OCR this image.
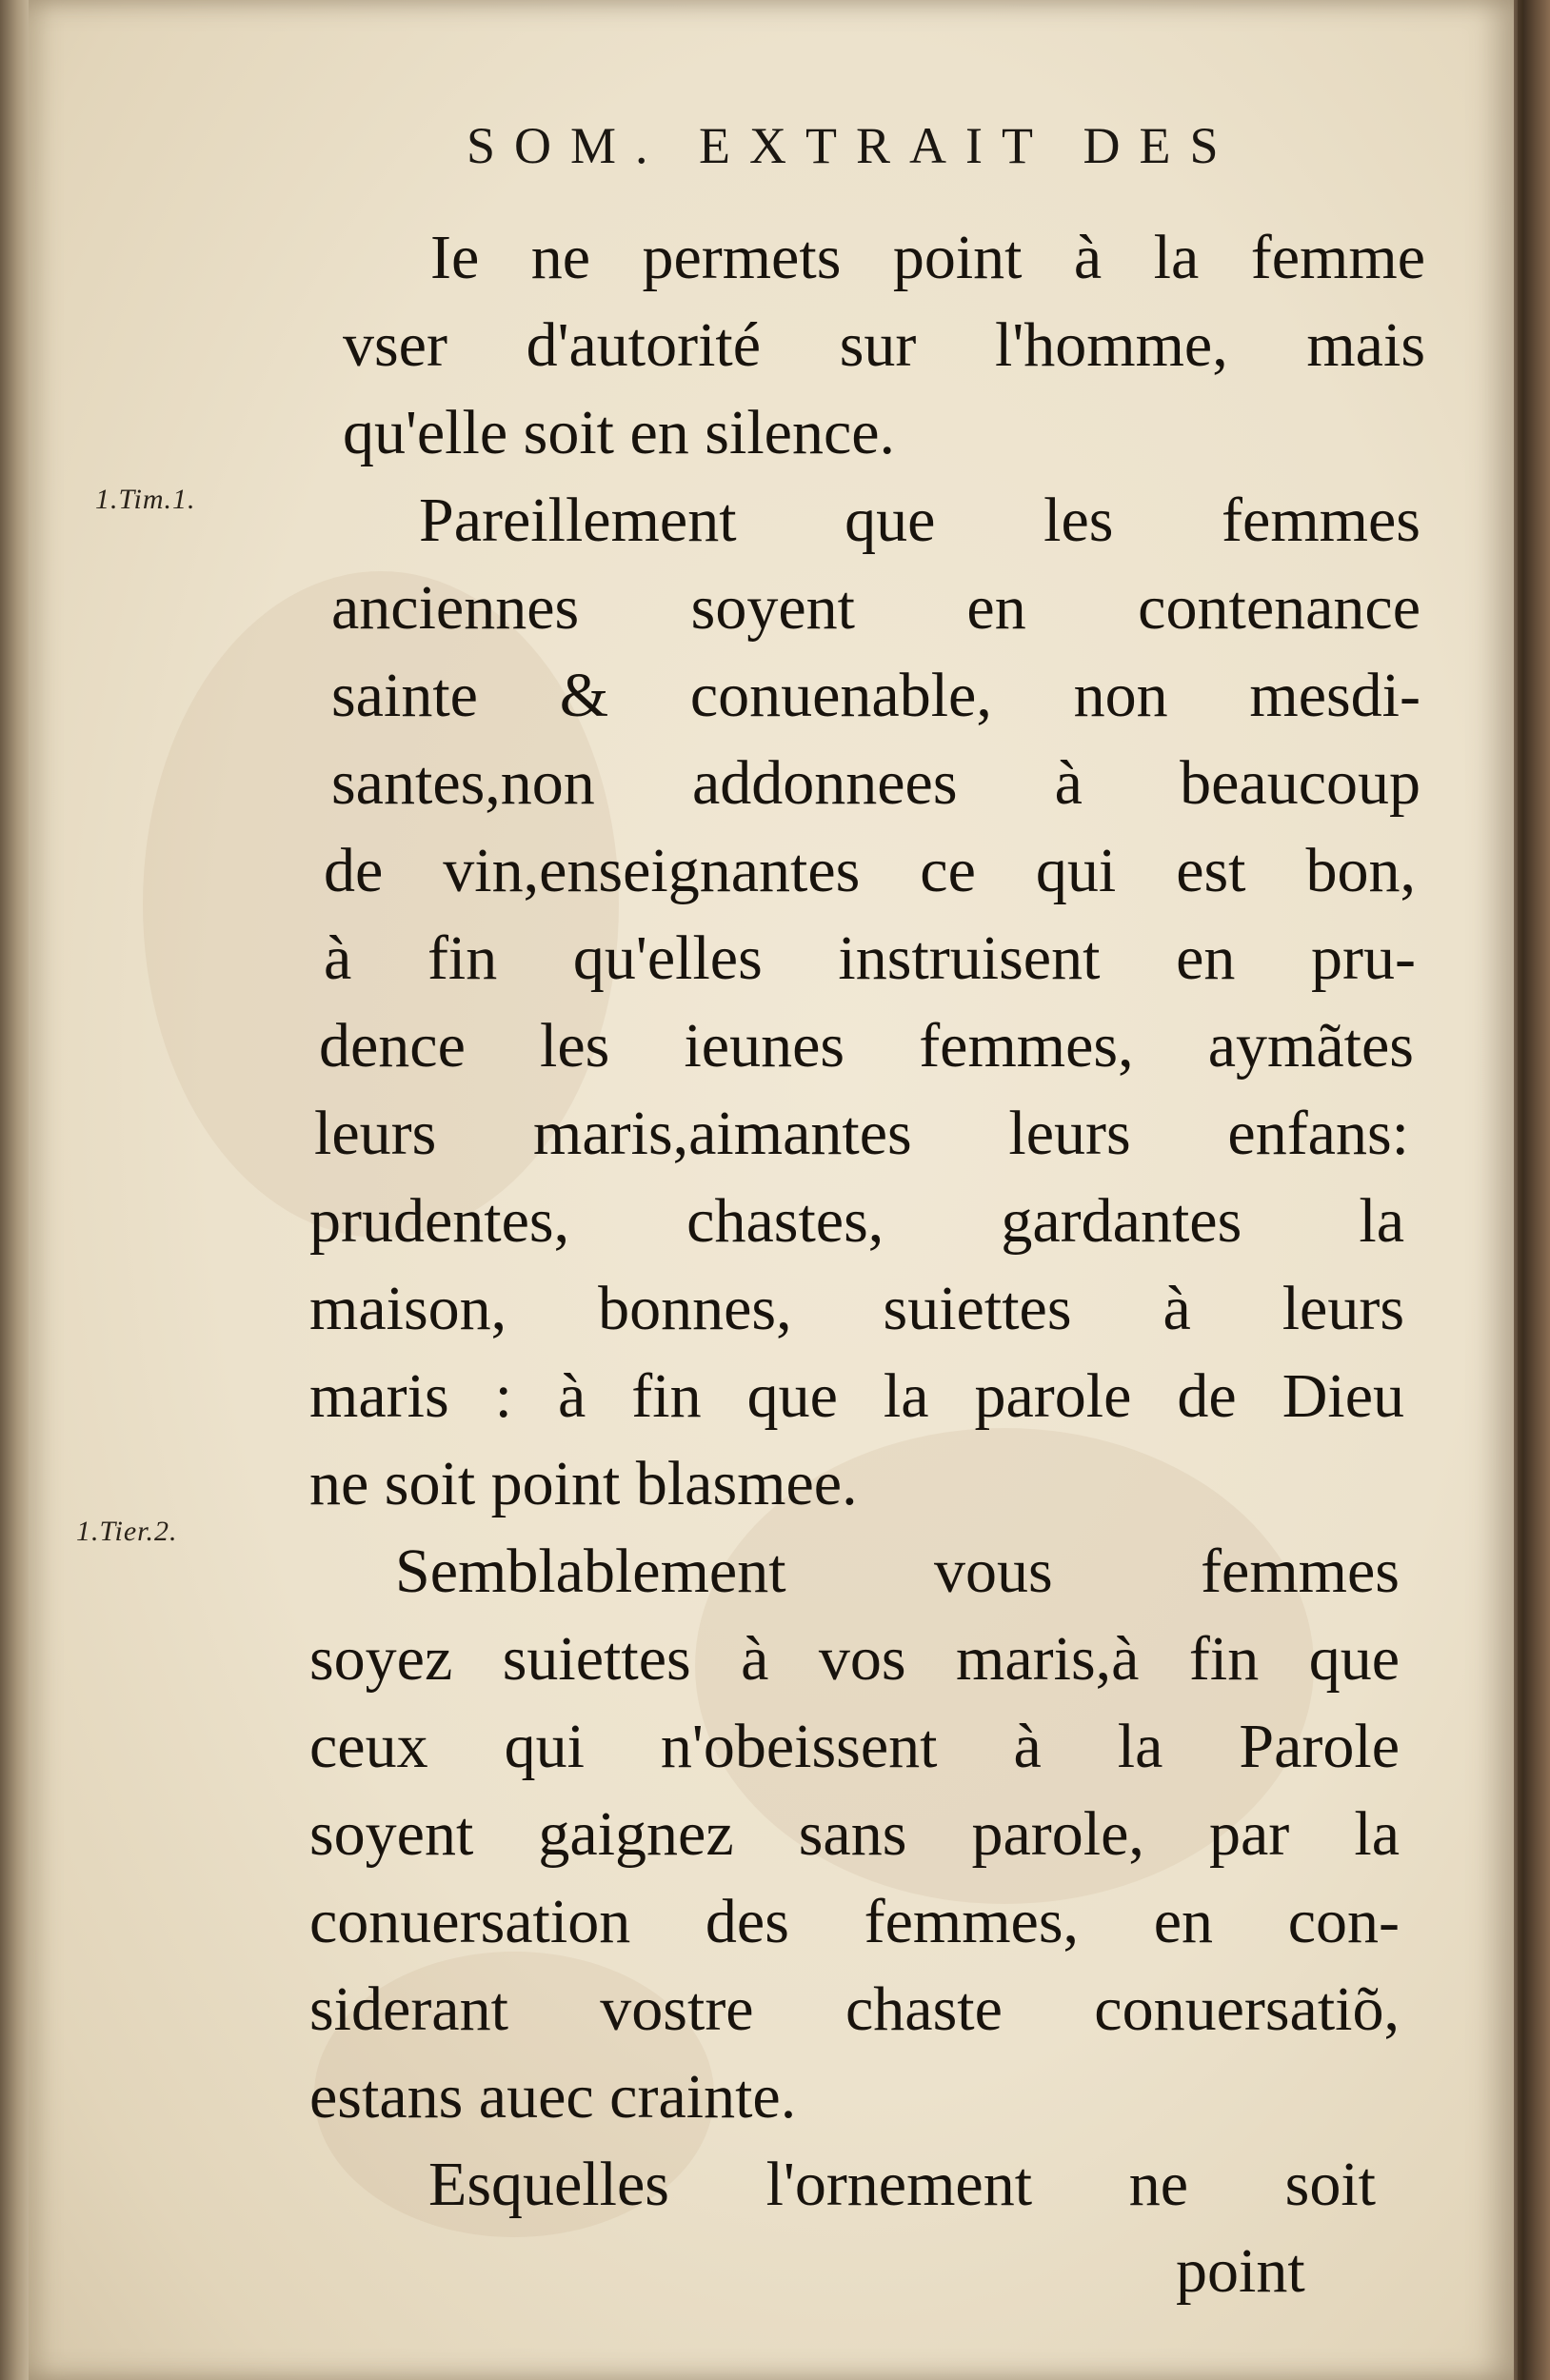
SOM. EXTRAIT DES
1.Tim.1.
1.Tier.2.
Ie ne permets point à la femme
vser d'autorité sur l'homme, mais
qu'elle soit en silence.
Pareillement que les femmes
anciennes soyent en contenance
sainte & conuenable, non mesdi-
santes,non addonnees à beaucoup
de vin,enseignantes ce qui est bon,
à fin qu'elles instruisent en pru-
dence les ieunes femmes, aymãtes
leurs maris,aimantes leurs enfans:
prudentes, chastes, gardantes la
maison, bonnes, suiettes à leurs
maris : à fin que la parole de Dieu
ne soit point blasmee.
Semblablement vous femmes
soyez suiettes à vos maris,à fin que
ceux qui n'obeissent à la Parole
soyent gaignez sans parole, par la
conuersation des femmes, en con-
siderant vostre chaste conuersatiõ,
estans auec crainte.
Esquelles l'ornement ne soit
point
